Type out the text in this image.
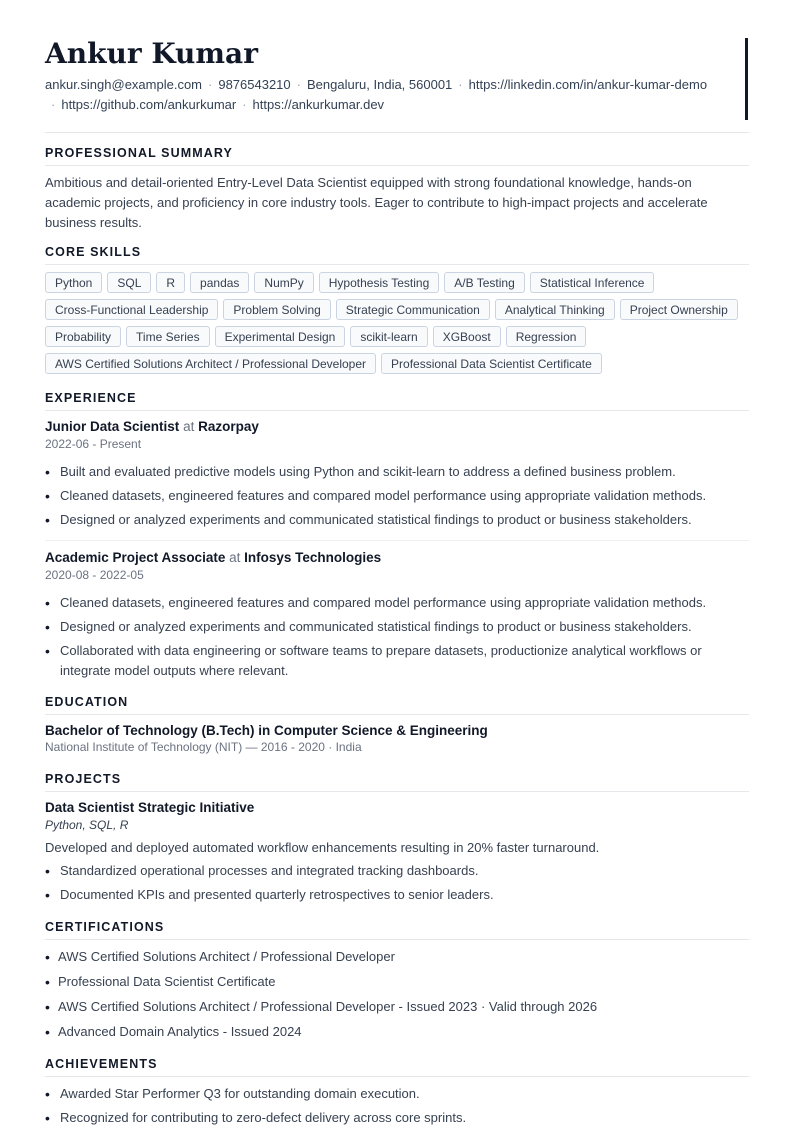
Ankur Kumar
ankur.singh@example.com · 9876543210 · Bengaluru, India, 560001 · https://linkedin.com/in/ankur-kumar-demo
· https://github.com/ankurkumar · https://ankurkumar.dev
PROFESSIONAL SUMMARY

Ambitious and detail-oriented Entry-Level Data Scientist equipped with strong foundational knowledge, hands-on academic projects, and proficiency in core industry tools. Eager to contribute to high-impact projects and accelerate business results.

CORE SKILLS
Python	SQL	R	pandas	NumPy	Hypothesis Testing	A/B Testing	Statistical Inference
Cross-Functional Leadership	Problem Solving	Strategic Communication	Analytical Thinking	Project Ownership
Probability	Time Series	Experimental Design	scikit-learn	XGBoost	Regression
AWS Certified Solutions Architect / Professional Developer	Professional Data Scientist Certificate
EXPERIENCE
Junior Data Scientist at Razorpay
2022-06 - Present
• Built and evaluated predictive models using Python and scikit-learn to address a defined business problem.
• Cleaned datasets, engineered features and compared model performance using appropriate validation methods.
• Designed or analyzed experiments and communicated statistical findings to product or business stakeholders.
Academic Project Associate at Infosys Technologies
2020-08 - 2022-05
• Cleaned datasets, engineered features and compared model performance using appropriate validation methods.
• Designed or analyzed experiments and communicated statistical findings to product or business stakeholders.
• Collaborated with data engineering or software teams to prepare datasets, productionize analytical workflows or integrate model outputs where relevant.
EDUCATION
Bachelor of Technology (B.Tech) in Computer Science & Engineering
National Institute of Technology (NIT) — 2016 - 2020 · India
PROJECTS
Data Scientist Strategic Initiative
Python, SQL, R

Developed and deployed automated workflow enhancements resulting in 20% faster turnaround.

• Standardized operational processes and integrated tracking dashboards.
• Documented KPIs and presented quarterly retrospectives to senior leaders.
CERTIFICATIONS
• AWS Certified Solutions Architect / Professional Developer
• Professional Data Scientist Certificate
• AWS Certified Solutions Architect / Professional Developer - Issued 2023 · Valid through 2026
• Advanced Domain Analytics - Issued 2024
ACHIEVEMENTS
• Awarded Star Performer Q3 for outstanding domain execution.
• Recognized for contributing to zero-defect delivery across core sprints.
